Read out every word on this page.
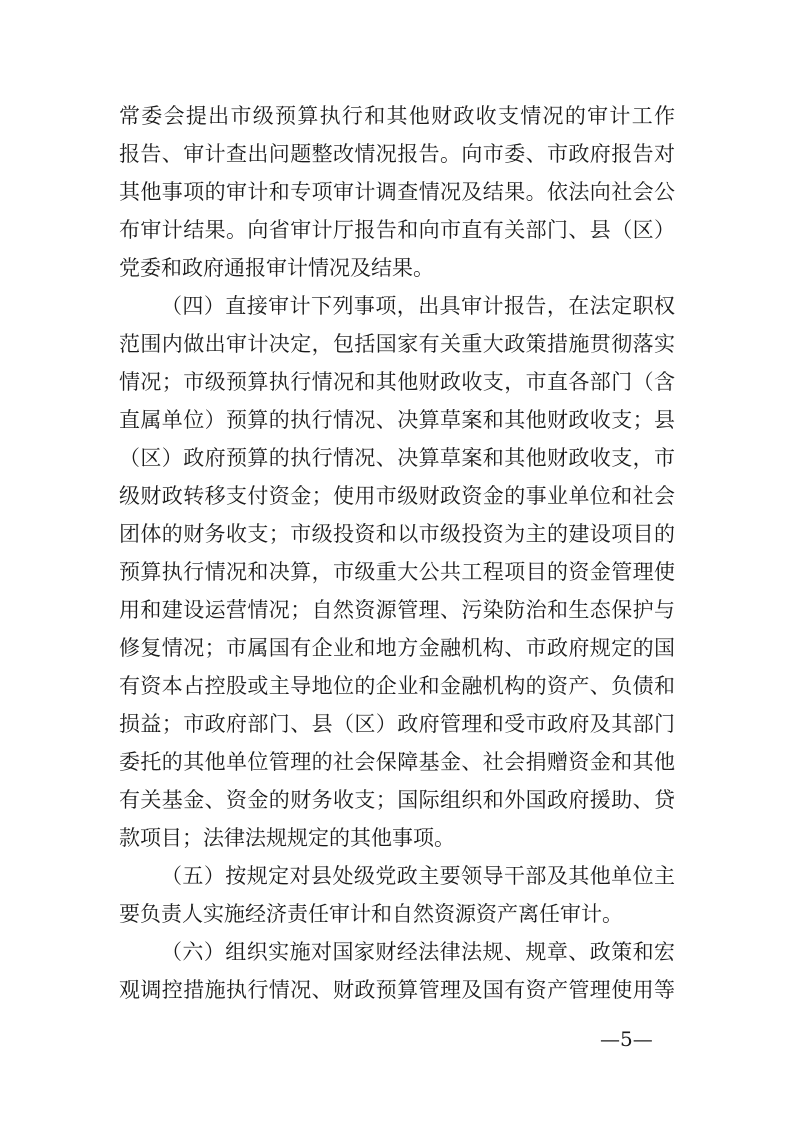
常委会提出市级预算执行和其他财政收支情况的审计工作
报告、审计查出问题整改情况报告。向市委、市政府报告对
其他事项的审计和专项审计调查情况及结果。依法向社会公
布审计结果。向省审计厅报告和向市直有关部门、县（区）
党委和政府通报审计情况及结果。
（四）直接审计下列事项，出具审计报告，在法定职权
范围内做出审计决定，包括国家有关重大政策措施贯彻落实
情况；市级预算执行情况和其他财政收支，市直各部门（含
直属单位）预算的执行情况、决算草案和其他财政收支；县
（区）政府预算的执行情况、决算草案和其他财政收支，市
级财政转移支付资金；使用市级财政资金的事业单位和社会
团体的财务收支；市级投资和以市级投资为主的建设项目的
预算执行情况和决算，市级重大公共工程项目的资金管理使
用和建设运营情况；自然资源管理、污染防治和生态保护与
修复情况；市属国有企业和地方金融机构、市政府规定的国
有资本占控股或主导地位的企业和金融机构的资产、负债和
损益；市政府部门、县（区）政府管理和受市政府及其部门
委托的其他单位管理的社会保障基金、社会捐赠资金和其他
有关基金、资金的财务收支；国际组织和外国政府援助、贷
款项目；法律法规规定的其他事项。
（五）按规定对县处级党政主要领导干部及其他单位主
要负责人实施经济责任审计和自然资源资产离任审计。
（六）组织实施对国家财经法律法规、规章、政策和宏
观调控措施执行情况、财政预算管理及国有资产管理使用等
—5—
